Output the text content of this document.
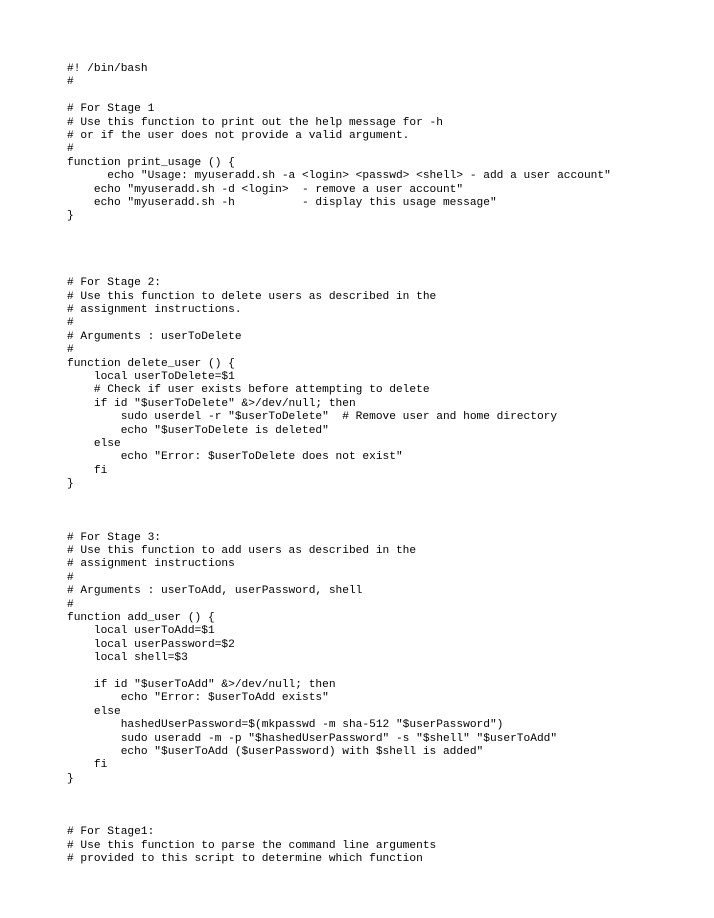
#! /bin/bash
#
# For Stage 1
# Use this function to print out the help message for -h
# or if the user does not provide a valid argument.
#
function print_usage () {
echo "Usage: myuseradd.sh -a <login> <passwd> <shell> - add a user account"
echo "myuseradd.sh -d <login>  - remove a user account"
echo "myuseradd.sh -h          - display this usage message"
}
# For Stage 2:
# Use this function to delete users as described in the
# assignment instructions.
#
# Arguments : userToDelete
#
function delete_user () {
local userToDelete=$1
# Check if user exists before attempting to delete
if id "$userToDelete" &>/dev/null; then
sudo userdel -r "$userToDelete"  # Remove user and home directory
echo "$userToDelete is deleted"
else
echo "Error: $userToDelete does not exist"
fi
}
# For Stage 3:
# Use this function to add users as described in the
# assignment instructions
#
# Arguments : userToAdd, userPassword, shell
#
function add_user () {
local userToAdd=$1
local userPassword=$2
local shell=$3
if id "$userToAdd" &>/dev/null; then
echo "Error: $userToAdd exists"
else
hashedUserPassword=$(mkpasswd -m sha-512 "$userPassword")
sudo useradd -m -p "$hashedUserPassword" -s "$shell" "$userToAdd"
echo "$userToAdd ($userPassword) with $shell is added"
fi
}
# For Stage1:
# Use this function to parse the command line arguments
# provided to this script to determine which function
